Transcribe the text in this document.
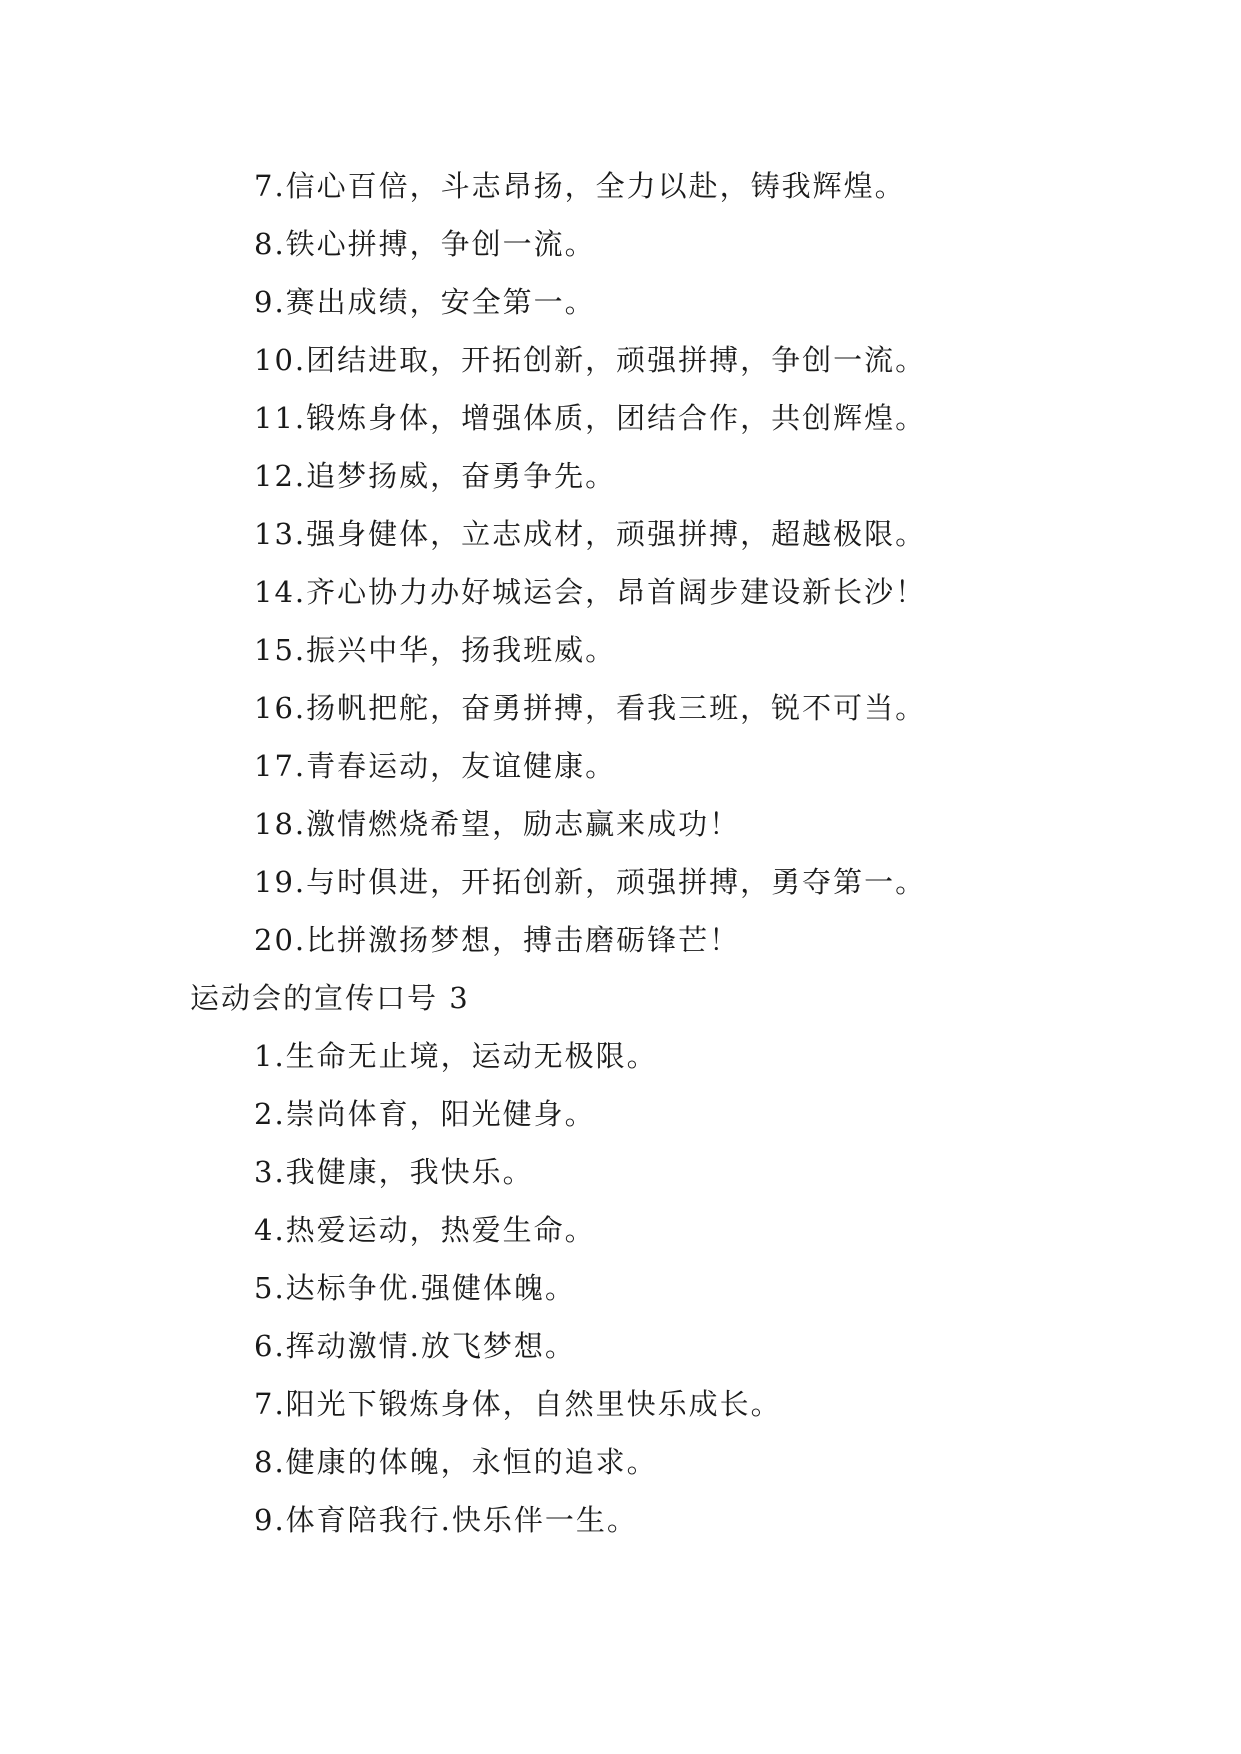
7.信心百倍，斗志昂扬，全力以赴，铸我辉煌。
8.铁心拼搏，争创一流。
9.赛出成绩，安全第一。
10.团结进取，开拓创新，顽强拼搏，争创一流。
11.锻炼身体，增强体质，团结合作，共创辉煌。
12.追梦扬威，奋勇争先。
13.强身健体，立志成材，顽强拼搏，超越极限。
14.齐心协力办好城运会，昂首阔步建设新长沙！
15.振兴中华，扬我班威。
16.扬帆把舵，奋勇拼搏，看我三班，锐不可当。
17.青春运动，友谊健康。
18.激情燃烧希望，励志赢来成功！
19.与时俱进，开拓创新，顽强拼搏，勇夺第一。
20.比拼激扬梦想，搏击磨砺锋芒！
运动会的宣传口号 3
1.生命无止境，运动无极限。
2.崇尚体育，阳光健身。
3.我健康，我快乐。
4.热爱运动，热爱生命。
5.达标争优.强健体魄。
6.挥动激情.放飞梦想。
7.阳光下锻炼身体，自然里快乐成长。
8.健康的体魄，永恒的追求。
9.体育陪我行.快乐伴一生。
